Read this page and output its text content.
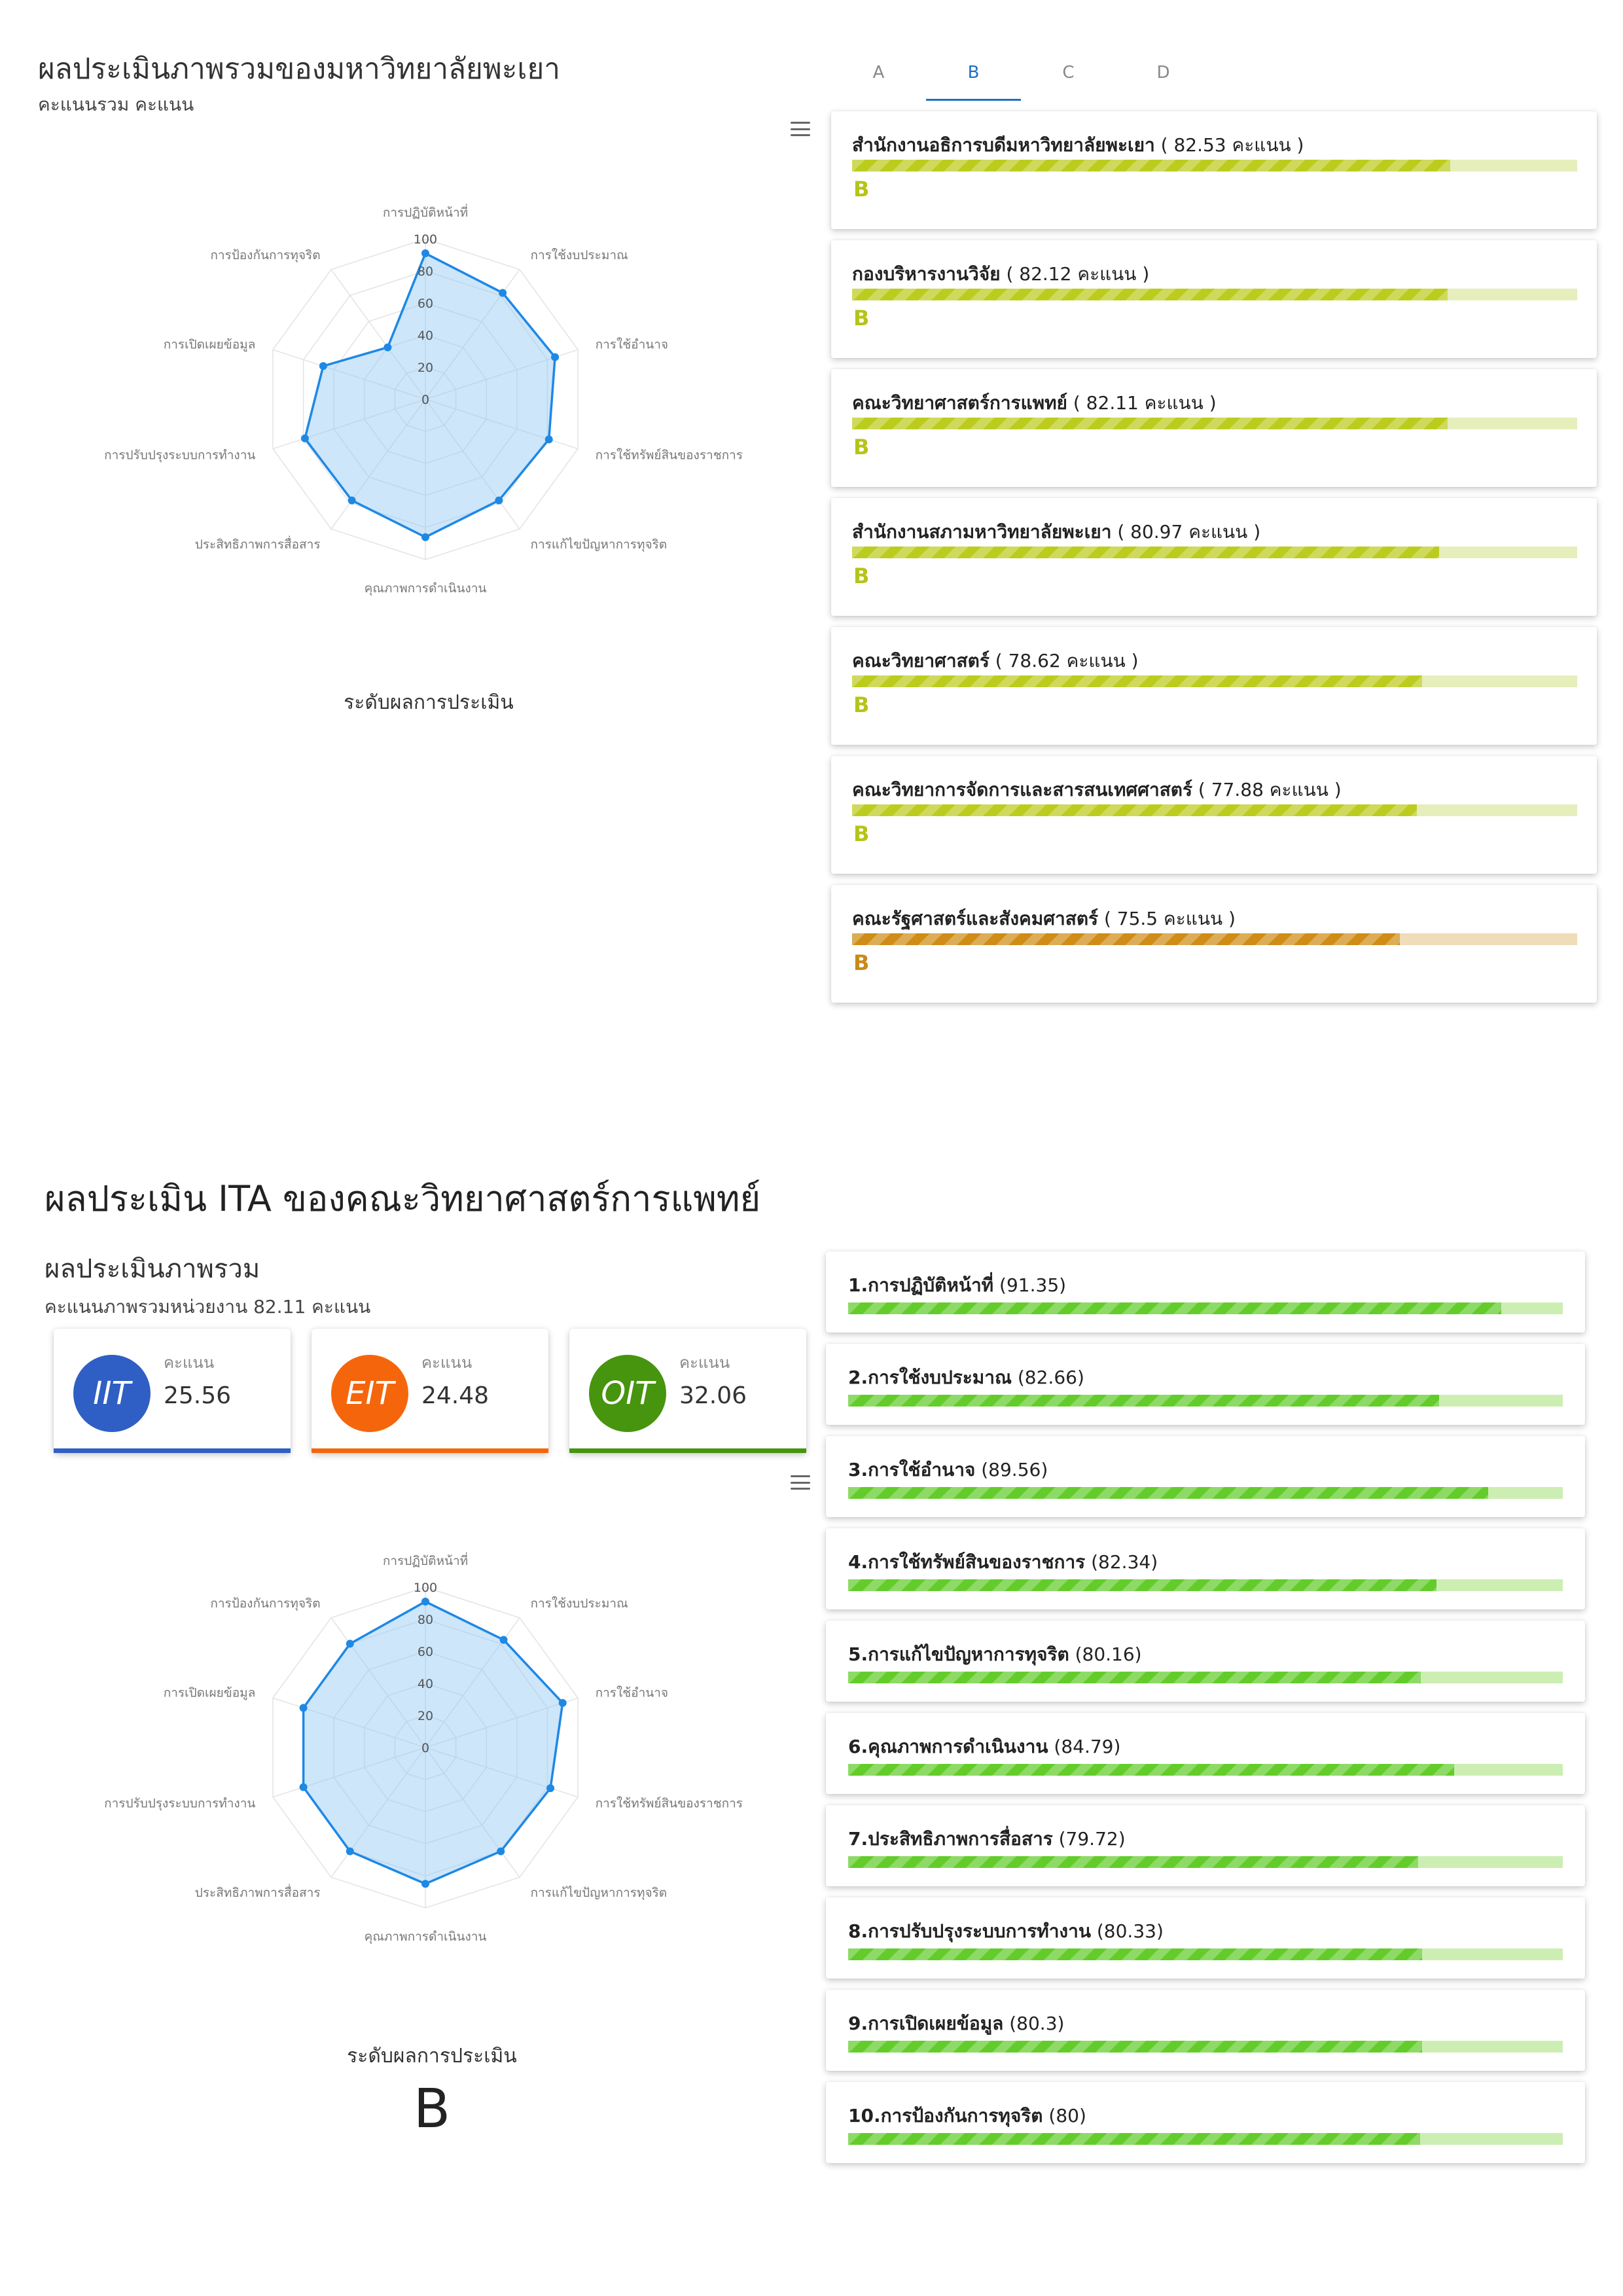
ผลประเมินภาพรวมของมหาวิทยาลัยพะเยา
คะแนนรวม คะแนน
0
20
40
60
80
100
การปฏิบัติหน้าที่
การใช้งบประมาณ
การใช้อำนาจ
การใช้ทรัพย์สินของราชการ
การแก้ไขปัญหาการทุจริต
คุณภาพการดำเนินงาน
ประสิทธิภาพการสื่อสาร
การปรับปรุงระบบการทำงาน
การเปิดเผยข้อมูล
การป้องกันการทุจริต
ระดับผลการประเมิน
A	B	C	D
สำนักงานอธิการบดีมหาวิทยาลัยพะเยา ( 82.53 คะแนน )
B
กองบริหารงานวิจัย ( 82.12 คะแนน )
B
คณะวิทยาศาสตร์การแพทย์ ( 82.11 คะแนน )
B
สำนักงานสภามหาวิทยาลัยพะเยา ( 80.97 คะแนน )
B
คณะวิทยาศาสตร์ ( 78.62 คะแนน )
B
คณะวิทยาการจัดการและสารสนเทศศาสตร์ ( 77.88 คะแนน )
B
คณะรัฐศาสตร์และสังคมศาสตร์ ( 75.5 คะแนน )
B
ผลประเมิน ITA ของคณะวิทยาศาสตร์การแพทย์
ผลประเมินภาพรวม
คะแนนภาพรวมหน่วยงาน 82.11 คะแนน
IIT
คะแนน
25.56	EIT
คะแนน
24.48	OIT
คะแนน
32.06
0
20
40
60
80
100
การปฏิบัติหน้าที่
การใช้งบประมาณ
การใช้อำนาจ
การใช้ทรัพย์สินของราชการ
การแก้ไขปัญหาการทุจริต
คุณภาพการดำเนินงาน
ประสิทธิภาพการสื่อสาร
การปรับปรุงระบบการทำงาน
การเปิดเผยข้อมูล
การป้องกันการทุจริต
ระดับผลการประเมิน
B
1.การปฏิบัติหน้าที่ (91.35)
2.การใช้งบประมาณ (82.66)
3.การใช้อำนาจ (89.56)
4.การใช้ทรัพย์สินของราชการ (82.34)
5.การแก้ไขปัญหาการทุจริต (80.16)
6.คุณภาพการดำเนินงาน (84.79)
7.ประสิทธิภาพการสื่อสาร (79.72)
8.การปรับปรุงระบบการทำงาน (80.33)
9.การเปิดเผยข้อมูล (80.3)
10.การป้องกันการทุจริต (80)
